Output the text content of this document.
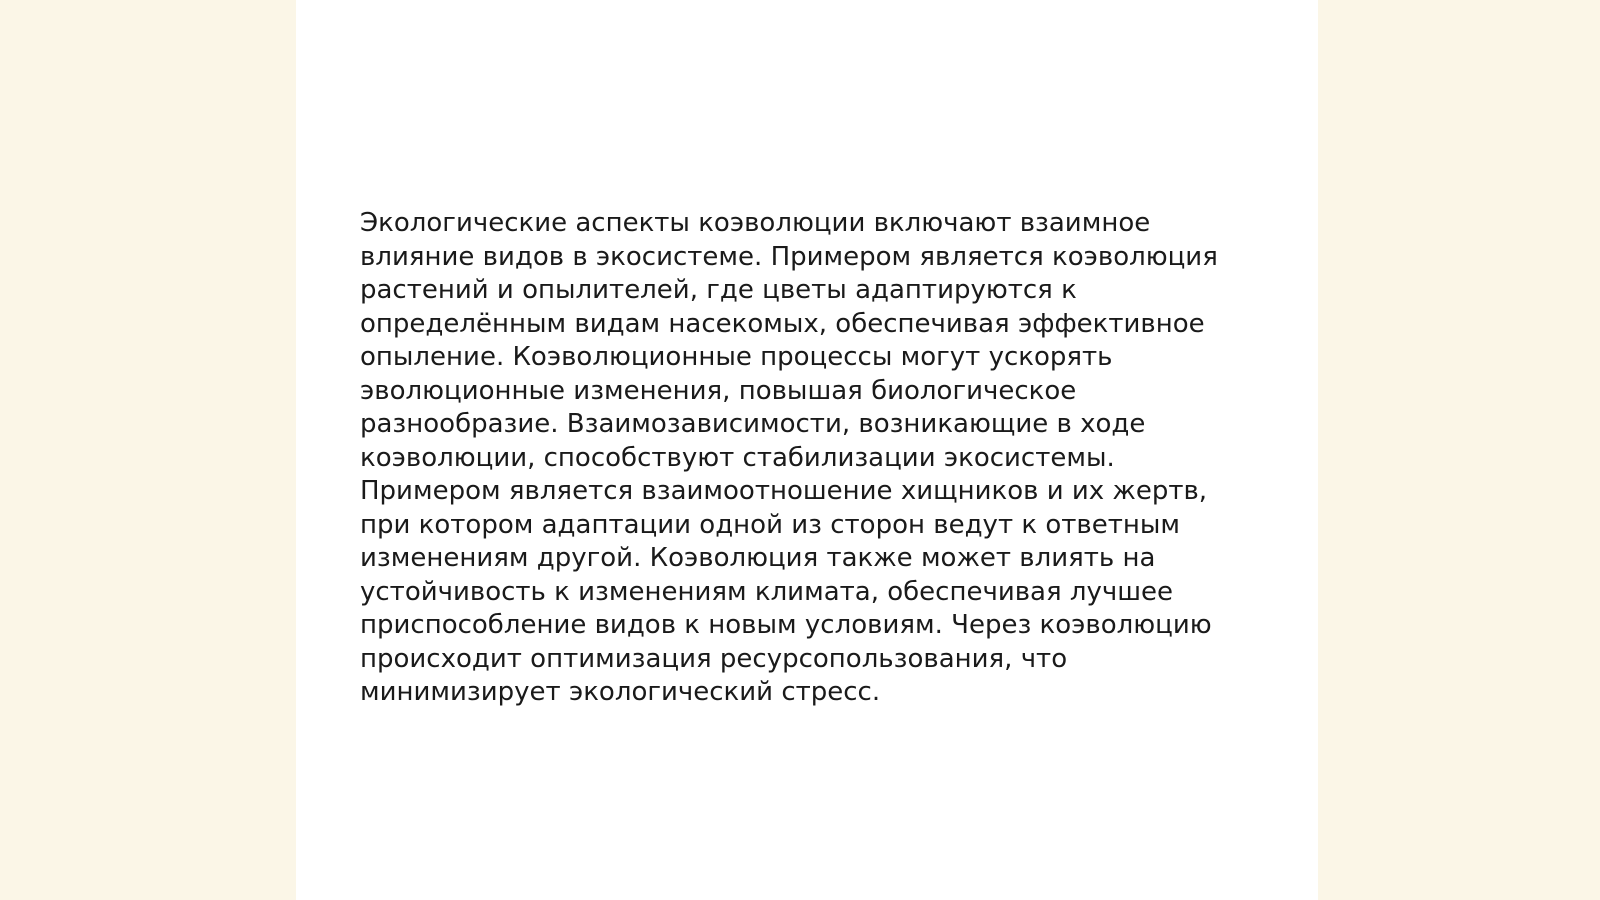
Экологические аспекты коэволюции включают взаимное
влияние видов в экосистеме. Примером является коэволюция
растений и опылителей, где цветы адаптируются к
определённым видам насекомых, обеспечивая эффективное
опыление. Коэволюционные процессы могут ускорять
эволюционные изменения, повышая биологическое
разнообразие. Взаимозависимости, возникающие в ходе
коэволюции, способствуют стабилизации экосистемы.
Примером является взаимоотношение хищников и их жертв,
при котором адаптации одной из сторон ведут к ответным
изменениям другой. Коэволюция также может влиять на
устойчивость к изменениям климата, обеспечивая лучшее
приспособление видов к новым условиям. Через коэволюцию
происходит оптимизация ресурсопользования, что
минимизирует экологический стресс.
